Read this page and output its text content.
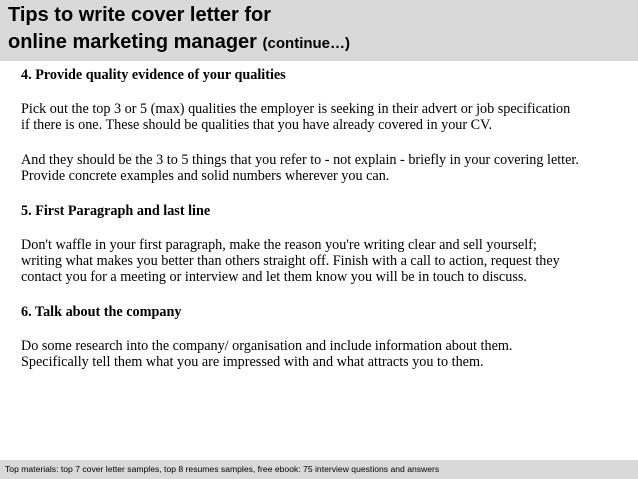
Tips to write cover letter for
online marketing manager (continue…)

4. Provide quality evidence of your qualities

Pick out the top 3 or 5 (max) qualities the employer is seeking in their advert or job specification
if there is one. These should be qualities that you have already covered in your CV.

And they should be the 3 to 5 things that you refer to - not explain - briefly in your covering letter.
Provide concrete examples and solid numbers wherever you can.

5. First Paragraph and last line

Don't waffle in your first paragraph, make the reason you're writing clear and sell yourself;
writing what makes you better than others straight off. Finish with a call to action, request they
contact you for a meeting or interview and let them know you will be in touch to discuss.

6. Talk about the company

Do some research into the company/ organisation and include information about them.
Specifically tell them what you are impressed with and what attracts you to them.

Top materials: top 7 cover letter samples, top 8 resumes samples, free ebook: 75 interview questions and answers
